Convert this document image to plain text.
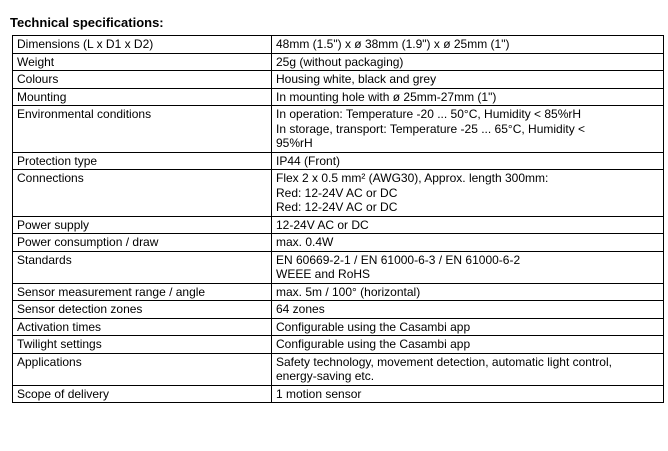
Technical specifications:
Dimensions (L x D1 x D2)	48mm (1.5") x ø 38mm (1.9") x ø 25mm (1")

Weight	25g (without packaging)

Colours	Housing white, black and grey

Mounting	In mounting hole with ø 25mm-27mm (1")

Environmental conditions	In operation: Temperature -20 ... 50°C, Humidity < 85%rH
In storage, transport: Temperature -25 ... 65°C, Humidity <
95%rH

Protection type	IP44 (Front)

Connections	Flex 2 x 0.5 mm² (AWG30), Approx. length 300mm:
Red: 12-24V AC or DC
Red: 12-24V AC or DC

Power supply	12-24V AC or DC

Power consumption / draw	max. 0.4W

Standards	EN 60669-2-1 / EN 61000-6-3 / EN 61000-6-2
WEEE and RoHS

Sensor measurement range / angle	max. 5m / 100° (horizontal)

Sensor detection zones	64 zones

Activation times	Configurable using the Casambi app

Twilight settings	Configurable using the Casambi app

Applications	Safety technology, movement detection, automatic light control,
energy-saving etc.

Scope of delivery	1 motion sensor
